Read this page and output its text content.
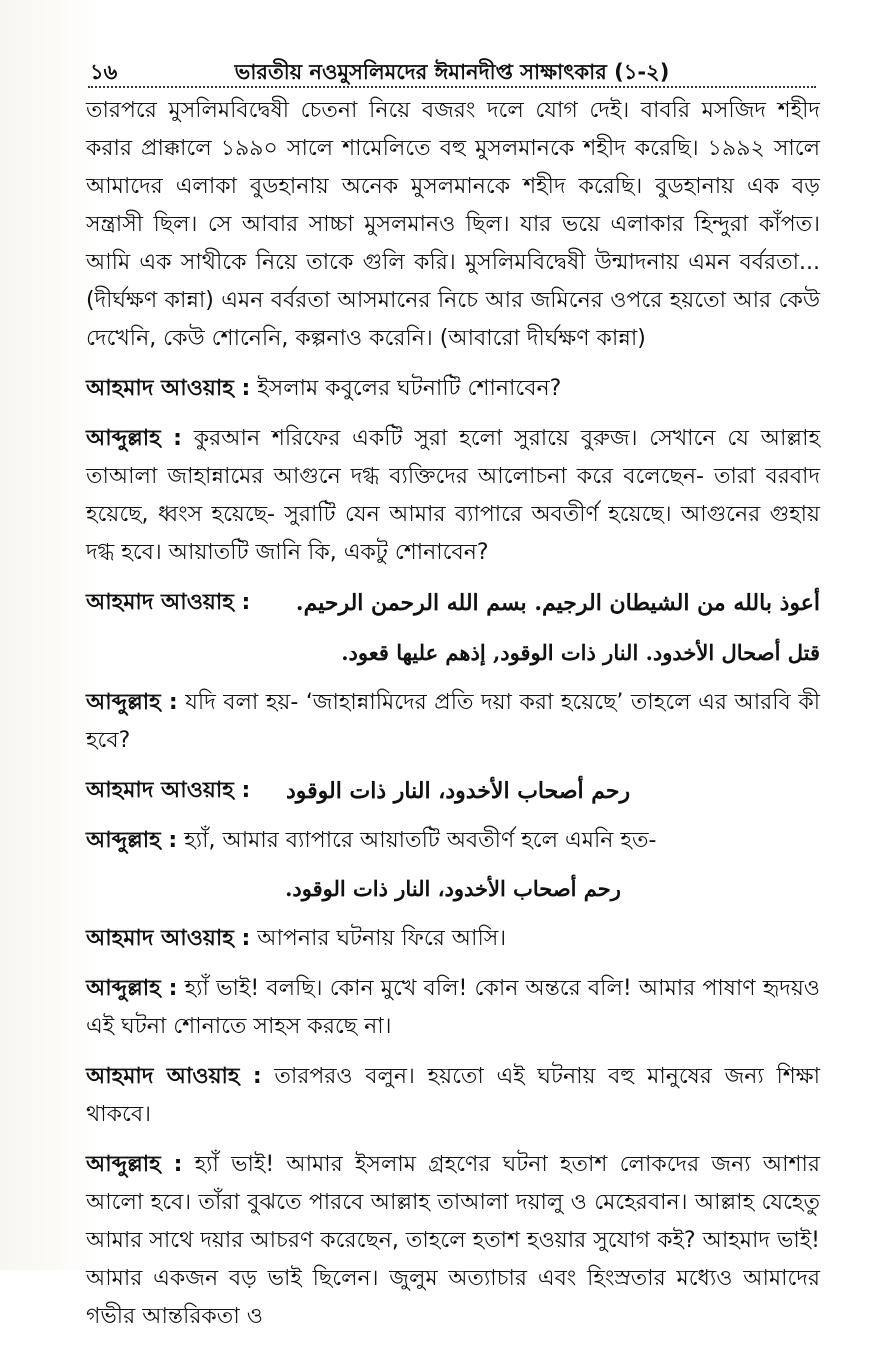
১৬	ভারতীয় নওমুসলিমদের ঈমানদীপ্ত সাক্ষাৎকার (১-২)

তারপরে মুসলিমবিদ্বেষী চেতনা নিয়ে বজরং দলে যোগ দেই। বাবরি মসজিদ শহীদ করার প্রাক্কালে ১৯৯০ সালে শামেলিতে বহু মুসলমানকে শহীদ করেছি। ১৯৯২ সালে আমাদের এলাকা বুডহানায় অনেক মুসলমানকে শহীদ করেছি। বুডহানায় এক বড় সন্ত্রাসী ছিল। সে আবার সাচ্চা মুসলমানও ছিল। যার ভয়ে এলাকার হিন্দুরা কাঁপত। আমি এক সাথীকে নিয়ে তাকে গুলি করি। মুসলিমবিদ্বেষী উন্মাদনায় এমন বর্বরতা... (দীর্ঘক্ষণ কান্না) এমন বর্বরতা আসমানের নিচে আর জমিনের ওপরে হয়তো আর কেউ দেখেনি, কেউ শোনেনি, কল্পনাও করেনি। (আবারো দীর্ঘক্ষণ কান্না)

আহমাদ আওয়াহ : ইসলাম কবুলের ঘটনাটি শোনাবেন?

আব্দুল্লাহ : কুরআন শরিফের একটি সুরা হলো সুরায়ে বুরুজ। সেখানে যে আল্লাহ তাআলা জাহান্নামের আগুনে দগ্ধ ব্যক্তিদের আলোচনা করে বলেছেন- তারা বরবাদ হয়েছে, ধ্বংস হয়েছে- সুরাটি যেন আমার ব্যাপারে অবতীর্ণ হয়েছে। আগুনের গুহায় দগ্ধ হবে। আয়াতটি জানি কি, একটু শোনাবেন?

আহমাদ আওয়াহ : أعوذ بالله من الشيطان الرجيم. بسم الله الرحمن الرحيم.
قتل أصحال الأخدود. النار ذات الوقود, إذهم عليها قعود.

আব্দুল্লাহ : যদি বলা হয়- ‘জাহান্নামিদের প্রতি দয়া করা হয়েছে’ তাহলে এর আরবি কী হবে?

আহমাদ আওয়াহ : رحم أصحاب الأخدود، النار ذات الوقود

আব্দুল্লাহ : হ্যাঁ, আমার ব্যাপারে আয়াতটি অবতীর্ণ হলে এমনি হত-

رحم أصحاب الأخدود، النار ذات الوقود.

আহমাদ আওয়াহ : আপনার ঘটনায় ফিরে আসি।

আব্দুল্লাহ : হ্যাঁ ভাই! বলছি। কোন মুখে বলি! কোন অন্তরে বলি! আমার পাষাণ হৃদয়ও এই ঘটনা শোনাতে সাহস করছে না।

আহমাদ আওয়াহ : তারপরও বলুন। হয়তো এই ঘটনায় বহু মানুষের জন্য শিক্ষা থাকবে।

আব্দুল্লাহ : হ্যাঁ ভাই! আমার ইসলাম গ্রহণের ঘটনা হতাশ লোকদের জন্য আশার আলো হবে। তাঁরা বুঝতে পারবে আল্লাহ তাআলা দয়ালু ও মেহেরবান। আল্লাহ যেহেতু আমার সাথে দয়ার আচরণ করেছেন, তাহলে হতাশ হওয়ার সুযোগ কই? আহমাদ ভাই! আমার একজন বড় ভাই ছিলেন। জুলুম অত্যাচার এবং হিংস্রতার মধ্যেও আমাদের গভীর আন্তরিকতা ও
